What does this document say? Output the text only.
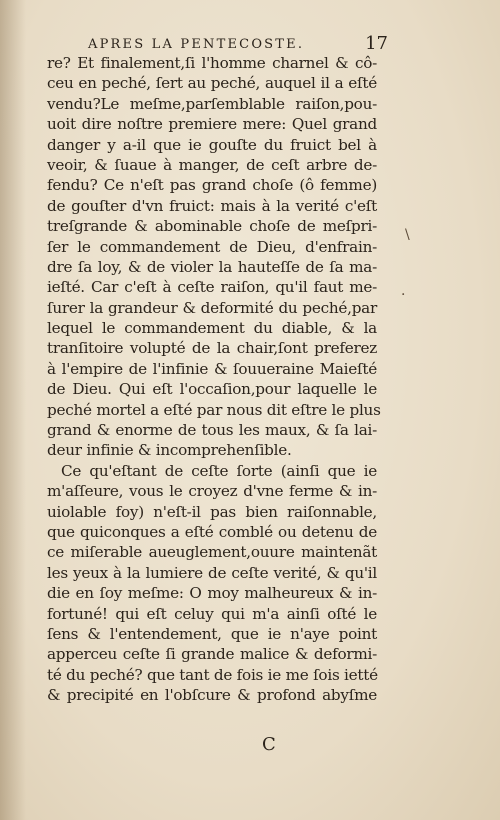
APRES LA PENTECOSTE.	17
re? Et finalement,ſi l'homme charnel & cô-
ceu en peché, ſert au peché, auquel il a eſté
vendu?Le meſme,parſemblable raiſon,pou-
uoit dire noſtre premiere mere: Quel grand
danger y a-il que ie gouſte du fruict bel à
veoir, & ſuaue à manger, de ceſt arbre de-
fendu? Ce n'eſt pas grand choſe (ô femme)
de gouſter d'vn fruict: mais à la verité c'eſt
treſgrande & abominable choſe de meſpri-
ſer le commandement de Dieu, d'enfrain-
dre ſa loy, & de violer la hauteſſe de ſa ma-
ieſté. Car c'eſt à ceſte raiſon, qu'il faut me-
ſurer la grandeur & deformité du peché,par
lequel le commandement du diable, & la
tranſitoire volupté de la chair,ſont preferez
à l'empire de l'infinie & ſouueraine Maieſté
de Dieu. Qui eſt l'occaſion,pour laquelle le
peché mortel a eſté par nous dit eſtre le plus
grand & enorme de tous les maux, & ſa lai-
deur infinie & incomprehenſible.
Ce qu'eſtant de ceſte ſorte (ainſi que ie
m'aſſeure, vous le croyez d'vne ferme & in-
uiolable foy) n'eſt-il pas bien raiſonnable,
que quiconques a eſté comblé ou detenu de
ce miſerable aueuglement,ouure maintenãt
les yeux à la lumiere de ceſte verité, & qu'il
die en ſoy meſme: O moy malheureux & in-
fortuné! qui eſt celuy qui m'a ainſi oſté le
ſens & l'entendement, que ie n'aye point
apperceu ceſte ſi grande malice & deformi-
té du peché? que tant de fois ie me ſois ietté
& precipité en l'obſcure & profond abyſme
C
\
·
